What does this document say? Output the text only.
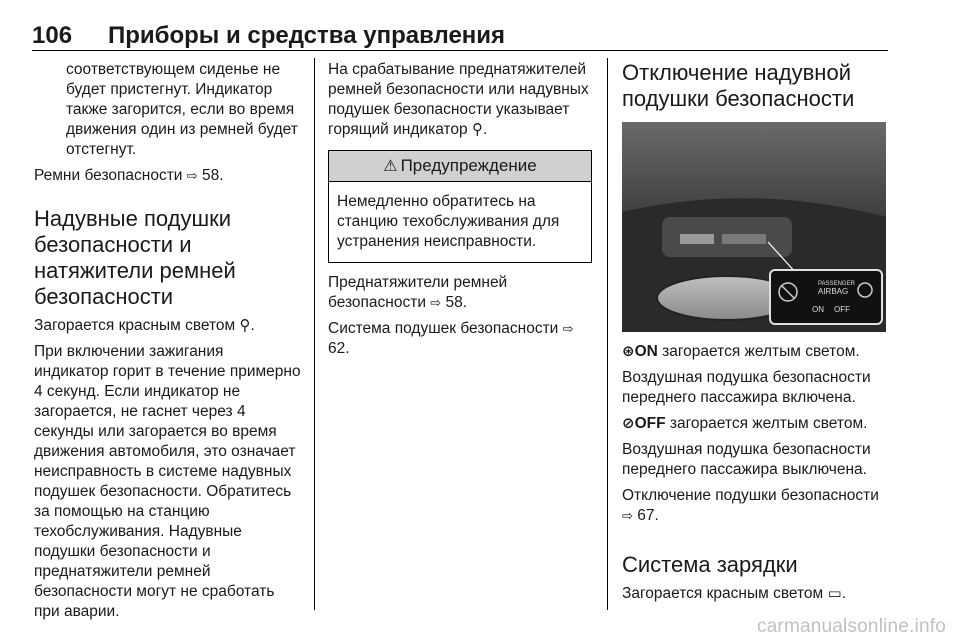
106 Приборы и средства управления

соответствующем сиденье не будет пристегнут. Индикатор также загорится, если во время движения один из ремней будет отстегнут.

Ремни безопасности ⇨ 58.

Надувные подушки безопасности и натяжители ремней безопасности

Загорается красным светом ⚲.

При включении зажигания индикатор горит в течение примерно 4 секунд. Если индикатор не загорается, не гаснет через 4 секунды или загорается во время движения автомобиля, это означает неисправность в системе надувных подушек безопасности. Обратитесь за помощью на станцию техобслуживания. Надувные подушки безопасности и преднатяжители ремней безопасности могут не сработать при аварии.

На срабатывание преднатяжителей ремней безопасности или надувных подушек безопасности указывает горящий индикатор ⚲.

⚠ Предупреждение

Немедленно обратитесь на станцию техобслуживания для устранения неисправности.

Преднатяжители ремней безопасности ⇨ 58.

Система подушек безопасности ⇨ 62.

Отключение надувной подушки безопасности
PASSENGER
AIRBAG
ON OFF

⊛ON загорается желтым светом.

Воздушная подушка безопасности переднего пассажира включена.

⊘OFF загорается желтым светом.

Воздушная подушка безопасности переднего пассажира выключена.

Отключение подушки безопасности ⇨ 67.

Система зарядки

Загорается красным светом ▭.

carmanualsonline.info
